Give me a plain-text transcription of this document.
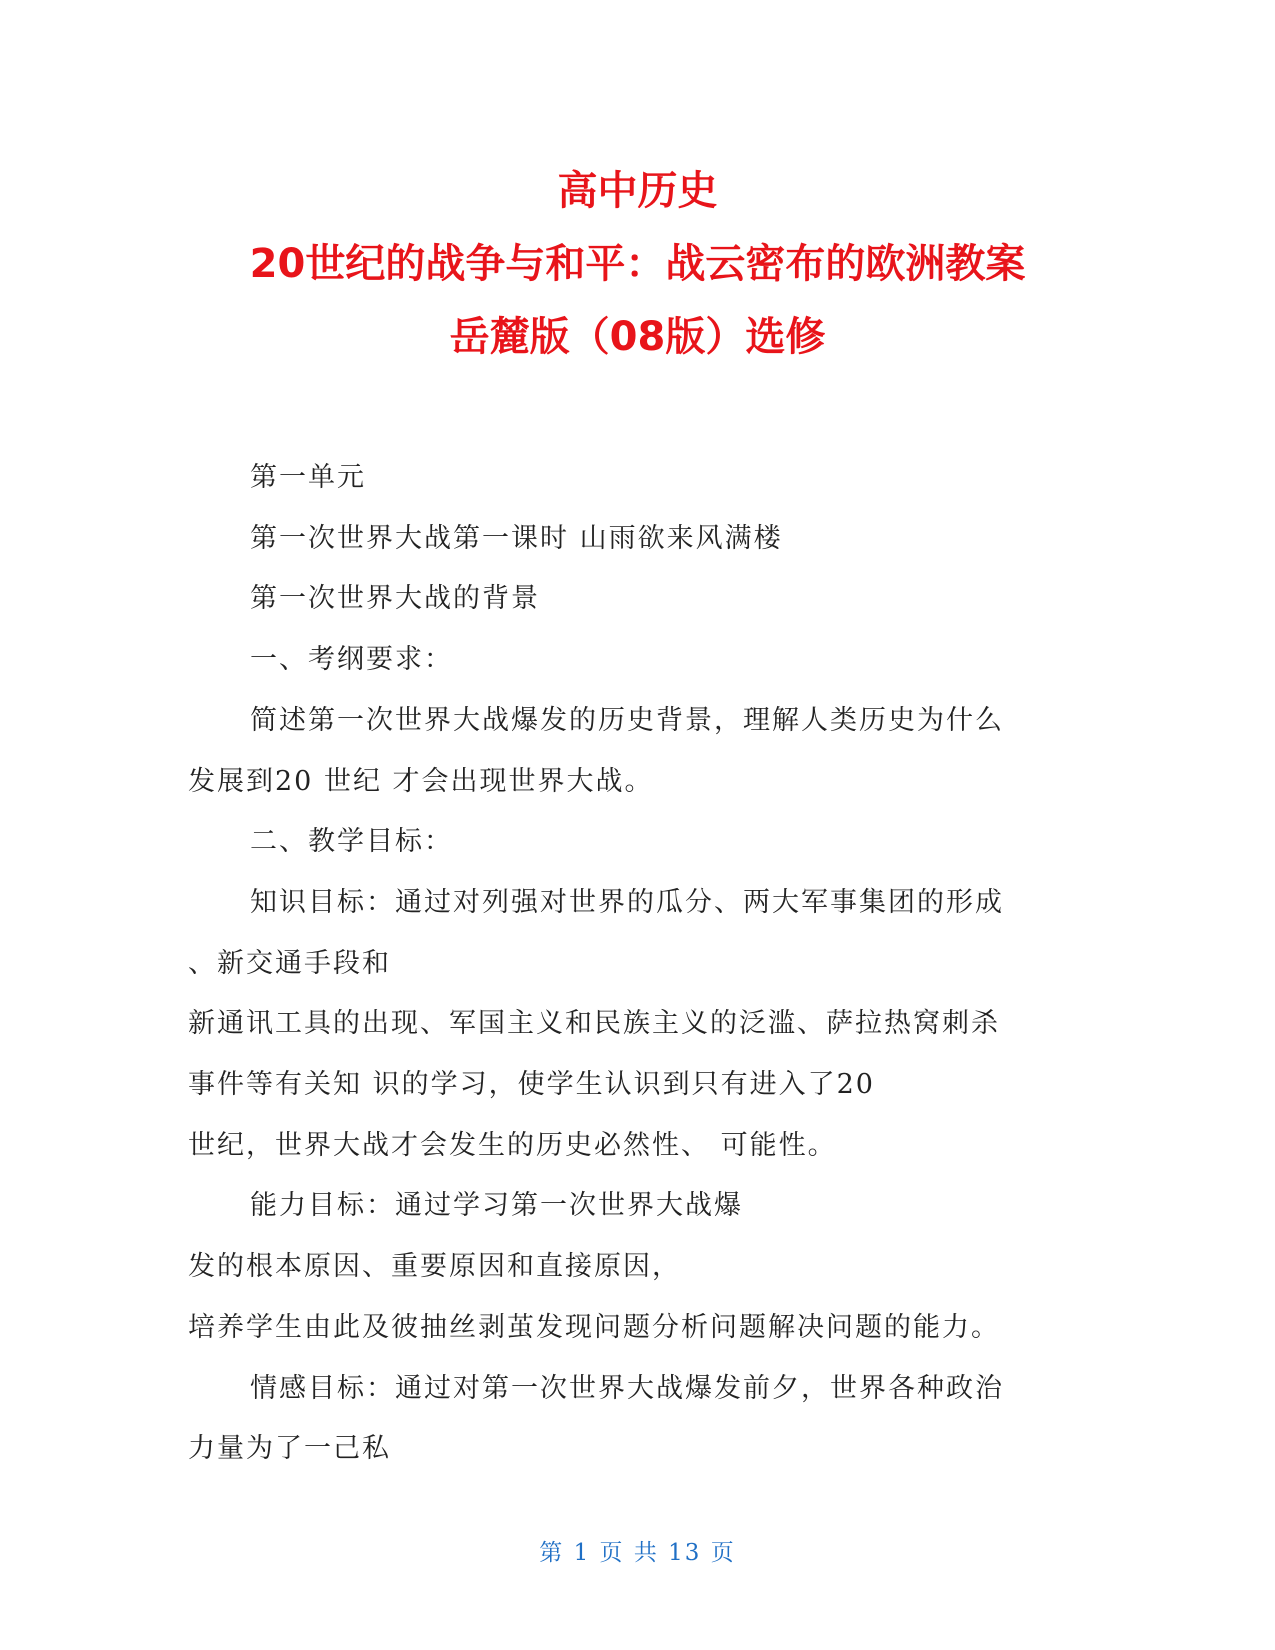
高中历史
20世纪的战争与和平：战云密布的欧洲教案
岳麓版（08版）选修
第一单元
第一次世界大战第一课时 山雨欲来风满楼
第一次世界大战的背景
一、考纲要求：
简述第一次世界大战爆发的历史背景，理解人类历史为什么
发展到20 世纪 才会出现世界大战。
二、教学目标：
知识目标：通过对列强对世界的瓜分、两大军事集团的形成
、新交通手段和
新通讯工具的出现、军国主义和民族主义的泛滥、萨拉热窝刺杀
事件等有关知 识的学习，使学生认识到只有进入了20
世纪，世界大战才会发生的历史必然性、 可能性。
能力目标：通过学习第一次世界大战爆
发的根本原因、重要原因和直接原因，
培养学生由此及彼抽丝剥茧发现问题分析问题解决问题的能力。
情感目标：通过对第一次世界大战爆发前夕，世界各种政治
力量为了一己私
第 1 页 共 13 页
